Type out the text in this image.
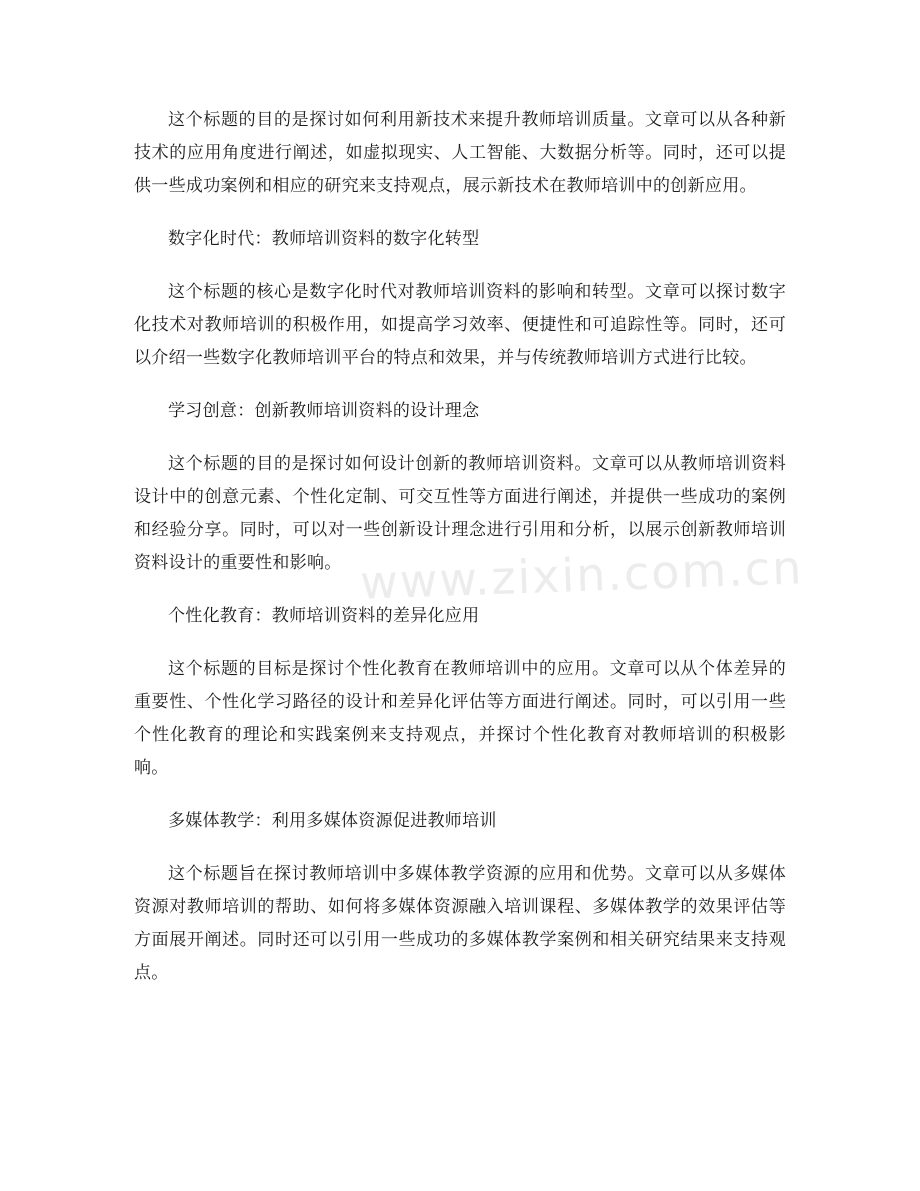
这个标题的目的是探讨如何利用新技术来提升教师培训质量。文章可以从各种新技术的应用角度进行阐述，如虚拟现实、人工智能、大数据分析等。同时，还可以提供一些成功案例和相应的研究来支持观点，展示新技术在教师培训中的创新应用。

数字化时代：教师培训资料的数字化转型

这个标题的核心是数字化时代对教师培训资料的影响和转型。文章可以探讨数字化技术对教师培训的积极作用，如提高学习效率、便捷性和可追踪性等。同时，还可以介绍一些数字化教师培训平台的特点和效果，并与传统教师培训方式进行比较。

学习创意：创新教师培训资料的设计理念

这个标题的目的是探讨如何设计创新的教师培训资料。文章可以从教师培训资料设计中的创意元素、个性化定制、可交互性等方面进行阐述，并提供一些成功的案例和经验分享。同时，可以对一些创新设计理念进行引用和分析，以展示创新教师培训资料设计的重要性和影响。

个性化教育：教师培训资料的差异化应用

这个标题的目标是探讨个性化教育在教师培训中的应用。文章可以从个体差异的重要性、个性化学习路径的设计和差异化评估等方面进行阐述。同时，可以引用一些个性化教育的理论和实践案例来支持观点，并探讨个性化教育对教师培训的积极影响。

多媒体教学：利用多媒体资源促进教师培训

这个标题旨在探讨教师培训中多媒体教学资源的应用和优势。文章可以从多媒体资源对教师培训的帮助、如何将多媒体资源融入培训课程、多媒体教学的效果评估等方面展开阐述。同时还可以引用一些成功的多媒体教学案例和相关研究结果来支持观点。

www.zixin.com.cn
